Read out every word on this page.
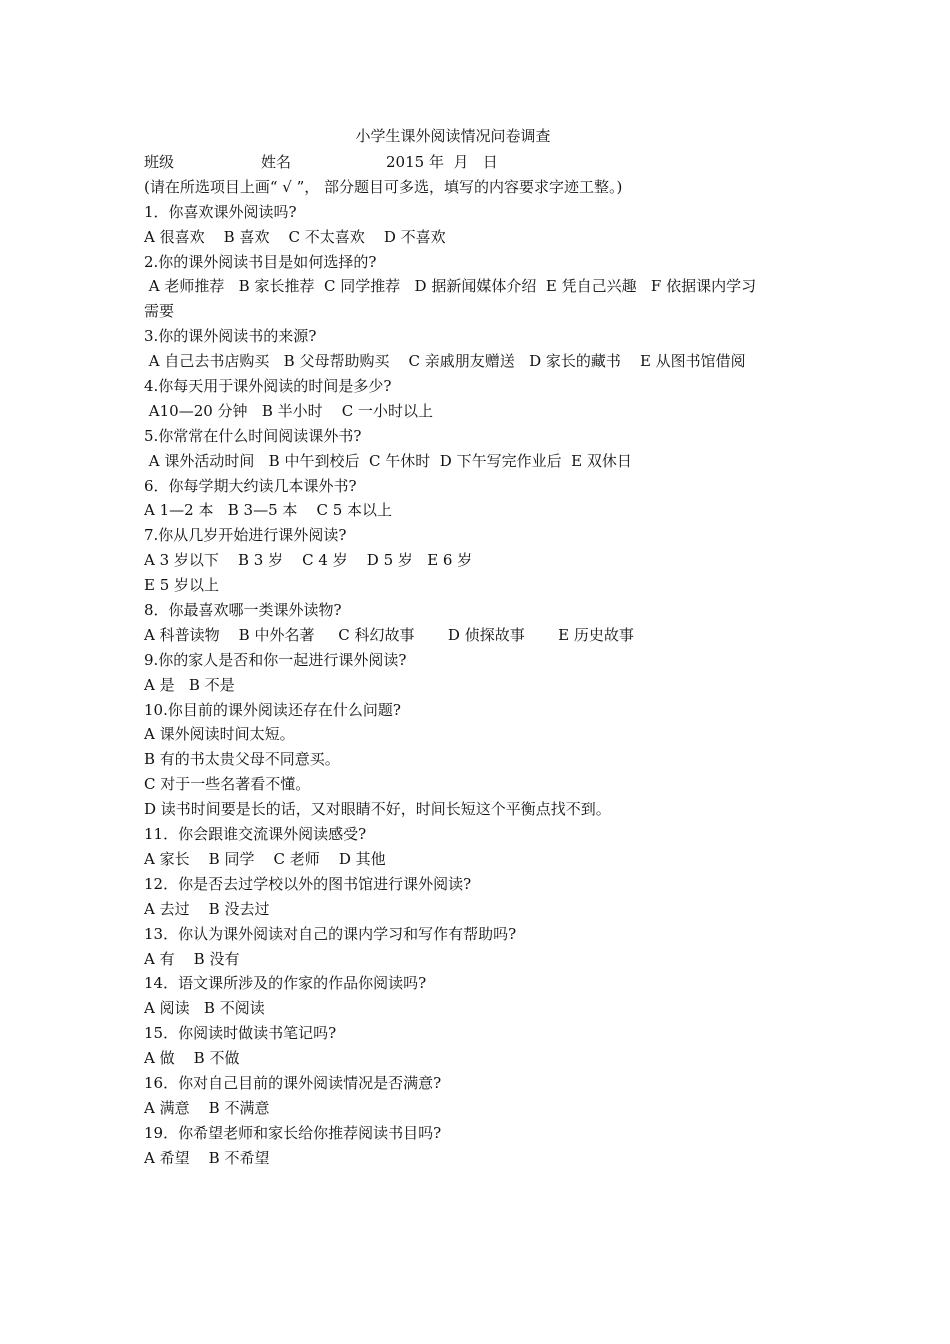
小学生课外阅读情况问卷调查
班级	姓名	2015 年  月   日
(请在所选项目上画“ √ ”， 部分题目可多选，填写的内容要求字迹工整。)
1．你喜欢课外阅读吗?
A 很喜欢    B 喜欢    C 不太喜欢    D 不喜欢
2.你的课外阅读书目是如何选择的?
A 老师推荐   B 家长推荐  C 同学推荐   D 据新闻媒体介绍  E 凭自己兴趣   F 依据课内学习
需要
3.你的课外阅读书的来源?
A 自己去书店购买   B 父母帮助购买    C 亲戚朋友赠送   D 家长的藏书    E 从图书馆借阅
4.你每天用于课外阅读的时间是多少?
A10—20 分钟   B 半小时    C 一小时以上
5.你常常在什么时间阅读课外书?
A 课外活动时间   B 中午到校后  C 午休时  D 下午写完作业后  E 双休日
6．你每学期大约读几本课外书?
A 1—2 本   B 3—5 本    C 5 本以上
7.你从几岁开始进行课外阅读?
A 3 岁以下    B 3 岁    C 4 岁    D 5 岁   E 6 岁
E 5 岁以上
8．你最喜欢哪一类课外读物?
A 科普读物    B 中外名著     C 科幻故事       D 侦探故事       E 历史故事
9.你的家人是否和你一起进行课外阅读?
A 是   B 不是
10.你目前的课外阅读还存在什么问题?
A 课外阅读时间太短。
B 有的书太贵父母不同意买。
C 对于一些名著看不懂。
D 读书时间要是长的话，又对眼睛不好，时间长短这个平衡点找不到。
11．你会跟谁交流课外阅读感受?
A 家长    B 同学    C 老师    D 其他
12．你是否去过学校以外的图书馆进行课外阅读?
A 去过    B 没去过
13．你认为课外阅读对自己的课内学习和写作有帮助吗?
A 有    B 没有
14．语文课所涉及的作家的作品你阅读吗?
A 阅读   B 不阅读
15．你阅读时做读书笔记吗?
A 做    B 不做
16．你对自己目前的课外阅读情况是否满意?
A 满意    B 不满意
19．你希望老师和家长给你推荐阅读书目吗?
A 希望    B 不希望
